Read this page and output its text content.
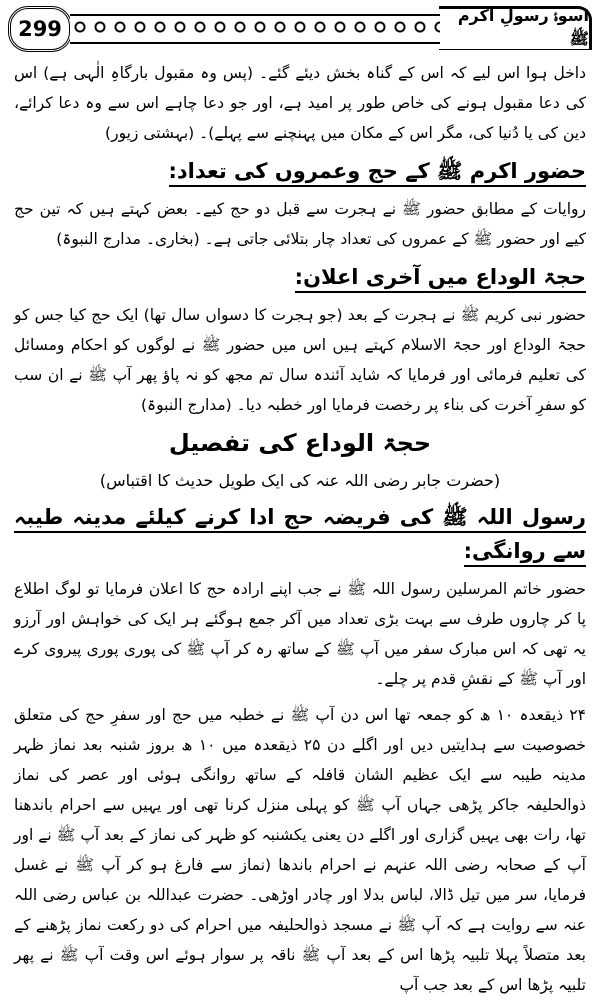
299
اسوۂ رسولِ اکرم ﷺ

داخل ہوا اس لیے کہ اس کے گناہ بخش دیئے گئے۔ (پس وہ مقبول بارگاہِ الٰہی ہے) اس کی دعا مقبول ہونے کی خاص طور پر امید ہے، اور جو دعا چاہے اس سے وہ دعا کرائے، دین کی یا دُنیا کی، مگر اس کے مکان میں پہنچنے سے پہلے)۔ (بہشتی زیور)

حضور اکرم ﷺ کے حج وعمروں کی تعداد:

روایات کے مطابق حضور ﷺ نے ہجرت سے قبل دو حج کیے۔ بعض کہتے ہیں کہ تین حج کیے اور حضور ﷺ کے عمروں کی تعداد چار بتلائی جاتی ہے۔ (بخاری۔ مدارج النبوۃ)

حجۃ الوداع میں آخری اعلان:

حضور نبی کریم ﷺ نے ہجرت کے بعد (جو ہجرت کا دسواں سال تھا) ایک حج کیا جس کو حجۃ الوداع اور حجۃ الاسلام کہتے ہیں اس میں حضور ﷺ نے لوگوں کو احکام ومسائل کی تعلیم فرمائی اور فرمایا کہ شاید آئندہ سال تم مجھ کو نہ پاؤ پھر آپ ﷺ نے ان سب کو سفرِ آخرت کی بناء پر رخصت فرمایا اور خطبہ دیا۔ (مدارج النبوۃ)

حجۃ الوداع کی تفصیل
(حضرت جابر رضی اللہ عنہ کی ایک طویل حدیث کا اقتباس)
رسول اللہ ﷺ کی فریضہ حج ادا کرنے کیلئے مدینہ طیبہ سے روانگی:

حضور خاتم المرسلین رسول اللہ ﷺ نے جب اپنے ارادہ حج کا اعلان فرمایا تو لوگ اطلاع پا کر چاروں طرف سے بہت بڑی تعداد میں آکر جمع ہوگئے ہر ایک کی خواہش اور آرزو یہ تھی کہ اس مبارک سفر میں آپ ﷺ کے ساتھ رہ کر آپ ﷺ کی پوری پوری پیروی کرے اور آپ ﷺ کے نقشِ قدم پر چلے۔

۲۴ ذیقعدہ ۱۰ ھ کو جمعہ تھا اس دن آپ ﷺ نے خطبہ میں حج اور سفرِ حج کی متعلق خصوصیت سے ہدایتیں دیں اور اگلے دن ۲۵ ذیقعدہ میں ۱۰ ھ بروز شنبہ بعد نماز ظہر مدینہ طیبہ سے ایک عظیم الشان قافلہ کے ساتھ روانگی ہوئی اور عصر کی نماز ذوالحلیفہ جاکر پڑھی جہاں آپ ﷺ کو پہلی منزل کرنا تھی اور یہیں سے احرام باندھنا تھا، رات بھی یہیں گزاری اور اگلے دن یعنی یکشنبہ کو ظہر کی نماز کے بعد آپ ﷺ نے اور آپ کے صحابہ رضی اللہ عنہم نے احرام باندھا (نماز سے فارغ ہو کر آپ ﷺ نے غسل فرمایا، سر میں تیل ڈالا، لباس بدلا اور چادر اوڑھی۔ حضرت عبداللہ بن عباس رضی اللہ عنہ سے روایت ہے کہ آپ ﷺ نے مسجد ذوالحلیفہ میں احرام کی دو رکعت نماز پڑھنے کے بعد متصلاً پہلا تلبیہ پڑھا اس کے بعد آپ ﷺ ناقہ پر سوار ہوئے اس وقت آپ ﷺ نے پھر تلبیہ پڑھا اس کے بعد جب آپ
